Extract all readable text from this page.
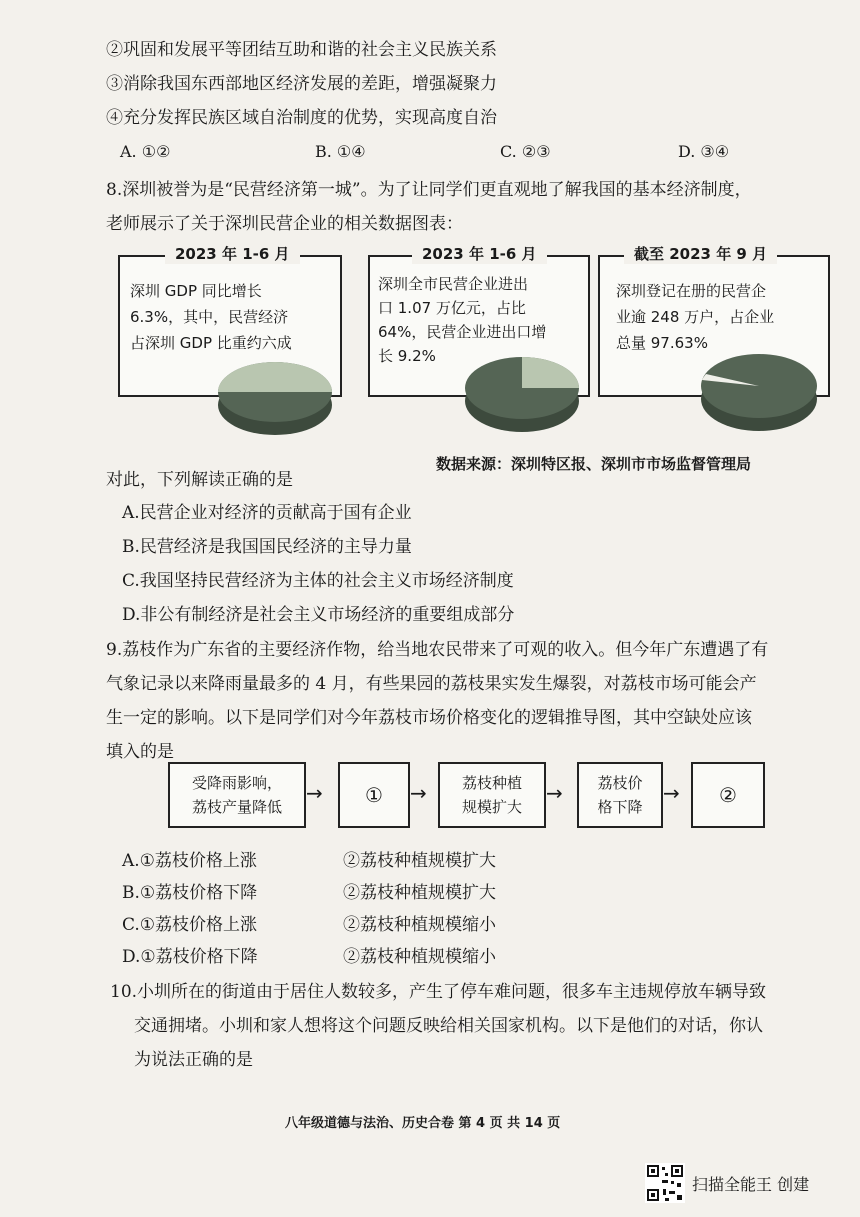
②巩固和发展平等团结互助和谐的社会主义民族关系
③消除我国东西部地区经济发展的差距，增强凝聚力
④充分发挥民族区域自治制度的优势，实现高度自治
A. ①②	B. ①④	C. ②③	D. ③④
8.深圳被誉为是“民营经济第一城”。为了让同学们更直观地了解我国的基本经济制度，
老师展示了关于深圳民营企业的相关数据图表：
2023 年 1-6 月
深圳 GDP 同比增长
6.3%，其中，民营经济
占深圳 GDP 比重约六成
2023 年 1-6 月
深圳全市民营企业进出
口 1.07 万亿元，占比
64%，民营企业进出口增
长 9.2%
截至 2023 年 9 月
深圳登记在册的民营企
业逾 248 万户，占企业
总量 97.63%
数据来源：深圳特区报、深圳市市场监督管理局
对此，下列解读正确的是
A.民营企业对经济的贡献高于国有企业
B.民营经济是我国国民经济的主导力量
C.我国坚持民营经济为主体的社会主义市场经济制度
D.非公有制经济是社会主义市场经济的重要组成部分
9.荔枝作为广东省的主要经济作物，给当地农民带来了可观的收入。但今年广东遭遇了有
气象记录以来降雨量最多的 4 月，有些果园的荔枝果实发生爆裂，对荔枝市场可能会产
生一定的影响。以下是同学们对今年荔枝市场价格变化的逻辑推导图，其中空缺处应该
填入的是
受降雨影响，
荔枝产量降低
→ ① → 荔枝种植
规模扩大
→ 荔枝价
格下降
→ ②
A.①荔枝价格上涨	②荔枝种植规模扩大
B.①荔枝价格下降	②荔枝种植规模扩大
C.①荔枝价格上涨	②荔枝种植规模缩小
D.①荔枝价格下降	②荔枝种植规模缩小
10.小圳所在的街道由于居住人数较多，产生了停车难问题，很多车主违规停放车辆导致
交通拥堵。小圳和家人想将这个问题反映给相关国家机构。以下是他们的对话，你认
为说法正确的是
八年级道德与法治、历史合卷 第 4 页 共 14 页
扫描全能王 创建
